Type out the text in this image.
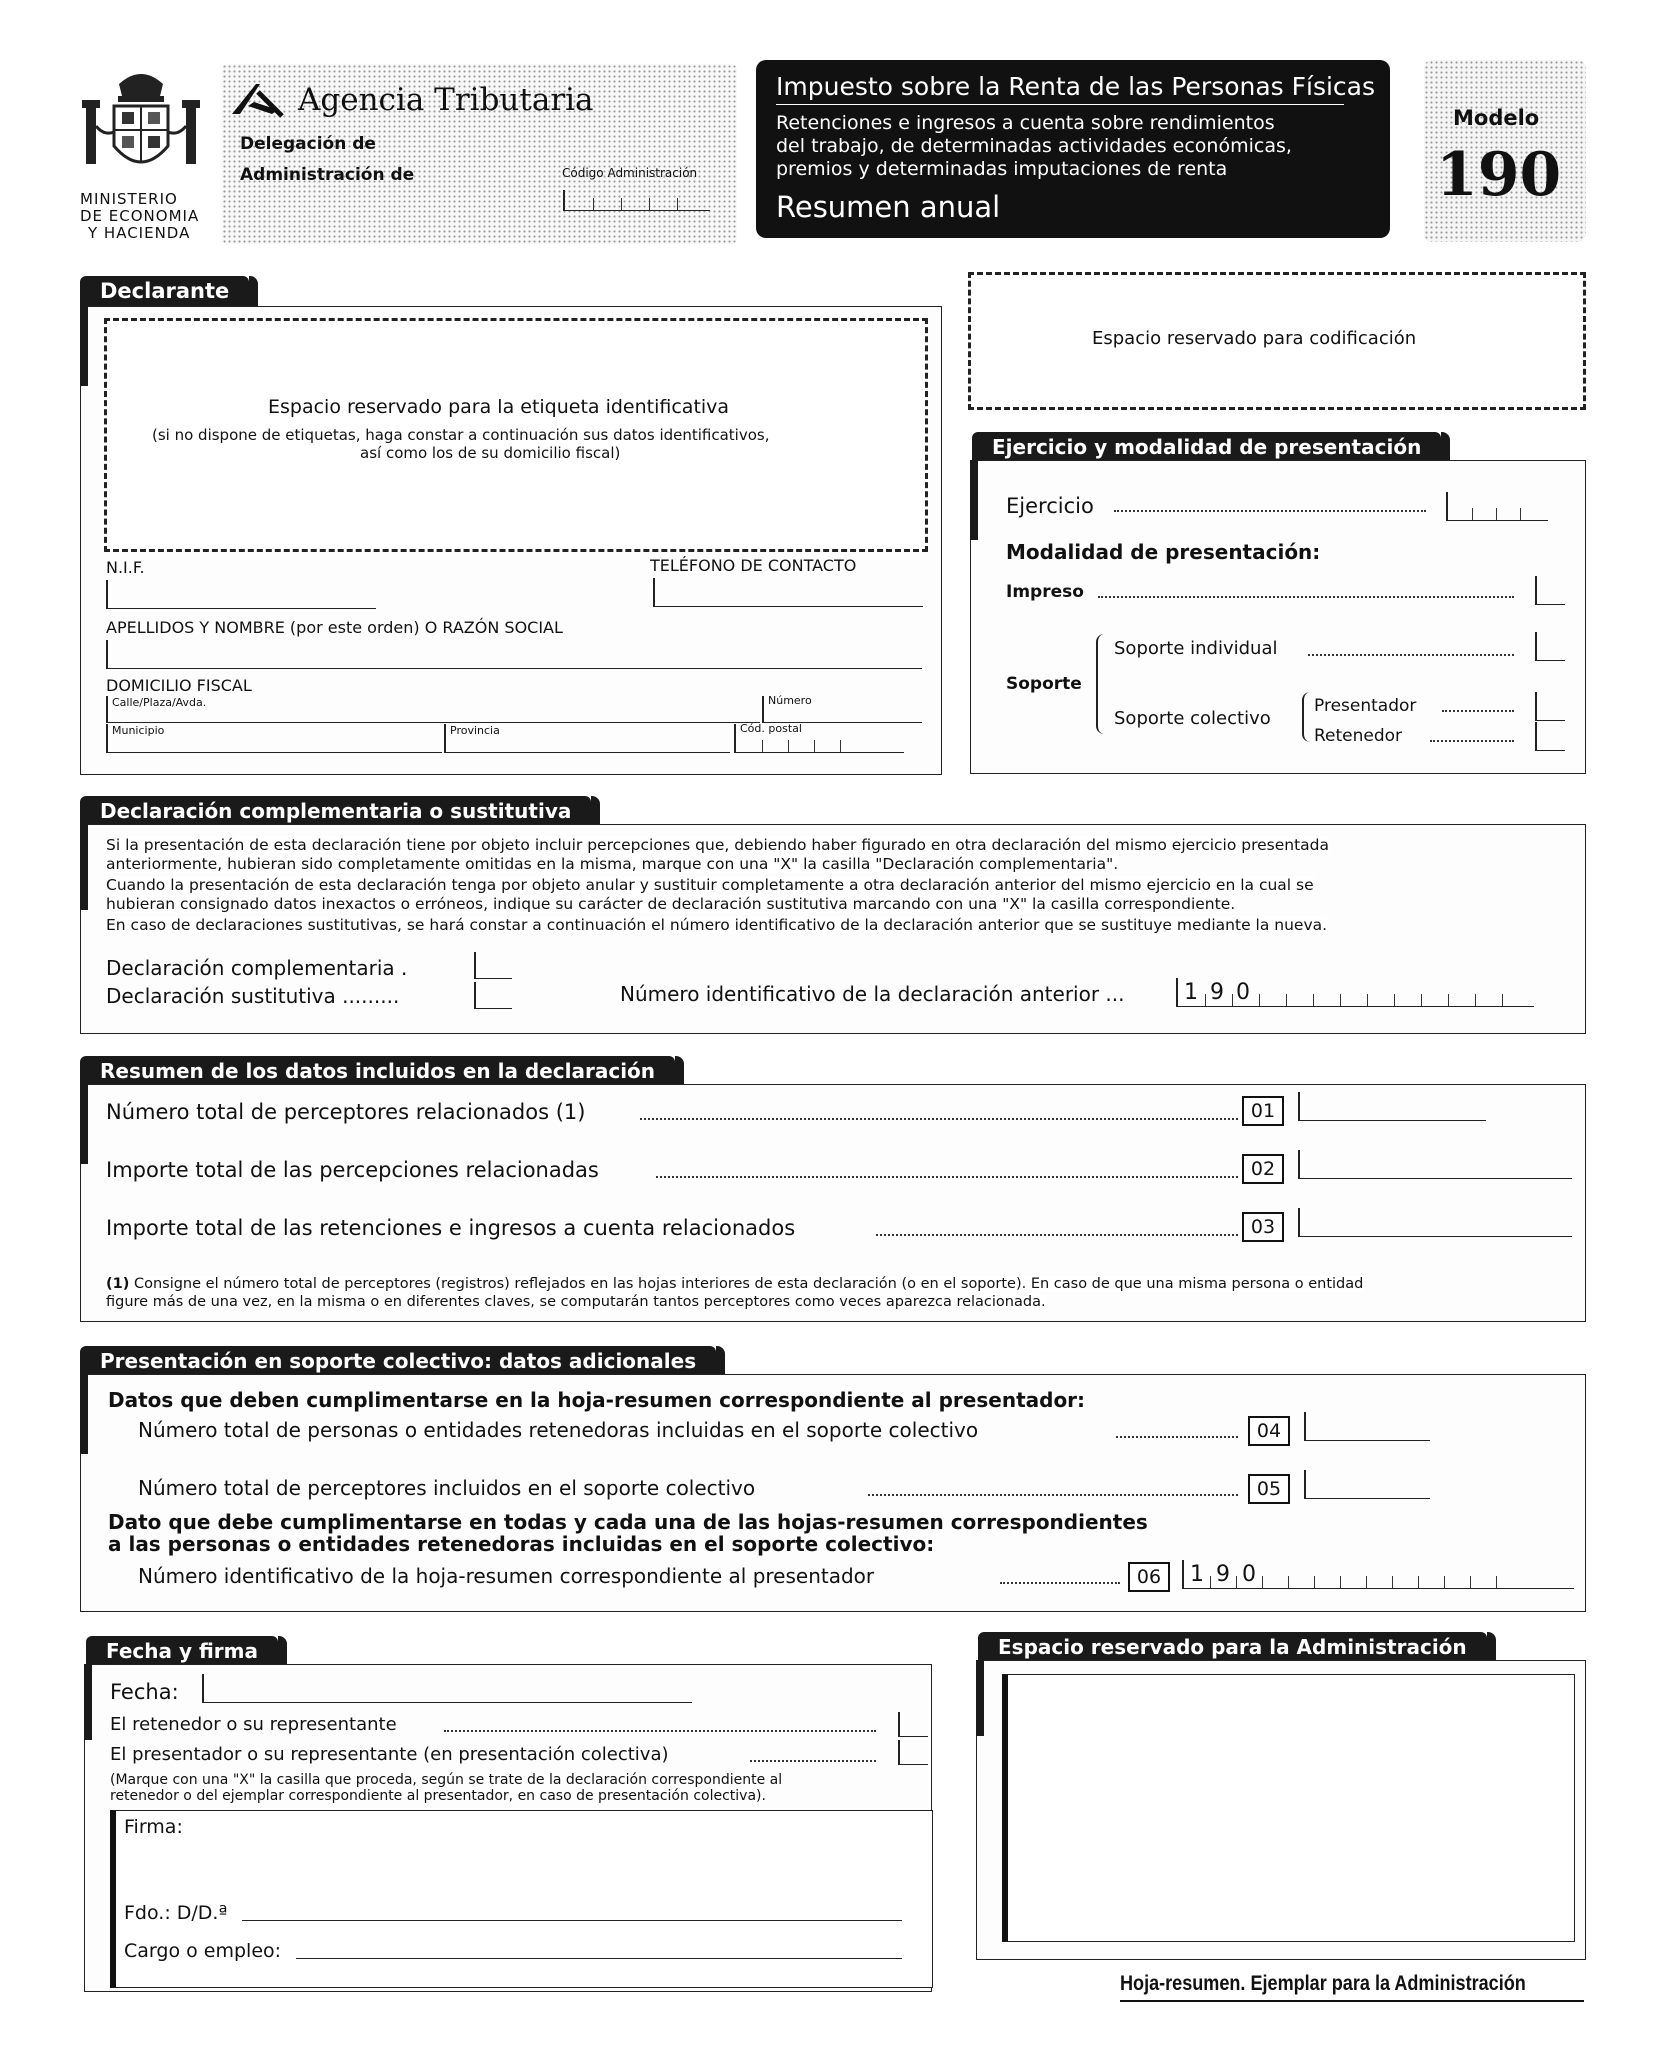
MINISTERIO
DE ECONOMIA
Y HACIENDA
Agencia Tributaria
Delegación de
Administración de	Código Administración
Impuesto sobre la Renta de las Personas Físicas
Retenciones e ingresos a cuenta sobre rendimientos
del trabajo, de determinadas actividades económicas,
premios y determinadas imputaciones de renta
Resumen anual
Modelo
190
Declarante
Espacio reservado para la etiqueta identificativa
(si no dispone de etiquetas, haga constar a continuación sus datos identificativos,
así como los de su domicilio fiscal)
N.I.F.	TELÉFONO DE CONTACTO
APELLIDOS Y NOMBRE (por este orden) O RAZÓN SOCIAL
DOMICILIO FISCAL
Calle/Plaza/Avda.	Número
Municipio	Provincia	Cód. postal
Espacio reservado para codificación
Ejercicio y modalidad de presentación
Ejercicio
Modalidad de presentación:
Impreso
Soporte
Soporte individual
Soporte colectivo
Presentador
Retenedor
Declaración complementaria o sustitutiva
Si la presentación de esta declaración tiene por objeto incluir percepciones que, debiendo haber figurado en otra declaración del mismo ejercicio presentada
anteriormente, hubieran sido completamente omitidas en la misma, marque con una "X" la casilla "Declaración complementaria".
Cuando la presentación de esta declaración tenga por objeto anular y sustituir completamente a otra declaración anterior del mismo ejercicio en la cual se
hubieran consignado datos inexactos o erróneos, indique su carácter de declaración sustitutiva marcando con una "X" la casilla correspondiente.
En caso de declaraciones sustitutivas, se hará constar a continuación el número identificativo de la declaración anterior que se sustituye mediante la nueva.
Declaración complementaria .
Declaración sustitutiva .........	Número identificativo de la declaración anterior ...	1 9 0
Resumen de los datos incluidos en la declaración
Número total de perceptores relacionados (1)	01
Importe total de las percepciones relacionadas	02
Importe total de las retenciones e ingresos a cuenta relacionados	03
(1) Consigne el número total de perceptores (registros) reflejados en las hojas interiores de esta declaración (o en el soporte). En caso de que una misma persona o entidad
figure más de una vez, en la misma o en diferentes claves, se computarán tantos perceptores como veces aparezca relacionada.
Presentación en soporte colectivo: datos adicionales
Datos que deben cumplimentarse en la hoja-resumen correspondiente al presentador:
Número total de personas o entidades retenedoras incluidas en el soporte colectivo	04
Número total de perceptores incluidos en el soporte colectivo	05
Dato que debe cumplimentarse en todas y cada una de las hojas-resumen correspondientes
a las personas o entidades retenedoras incluidas en el soporte colectivo:
Número identificativo de la hoja-resumen correspondiente al presentador	06	1 9 0
Fecha y firma
Fecha:
El retenedor o su representante
El presentador o su representante (en presentación colectiva)
(Marque con una "X" la casilla que proceda, según se trate de la declaración correspondiente al
retenedor o del ejemplar correspondiente al presentador, en caso de presentación colectiva).
Firma:
Fdo.: D/D.ª
Cargo o empleo:
Espacio reservado para la Administración
Hoja-resumen. Ejemplar para la Administración
